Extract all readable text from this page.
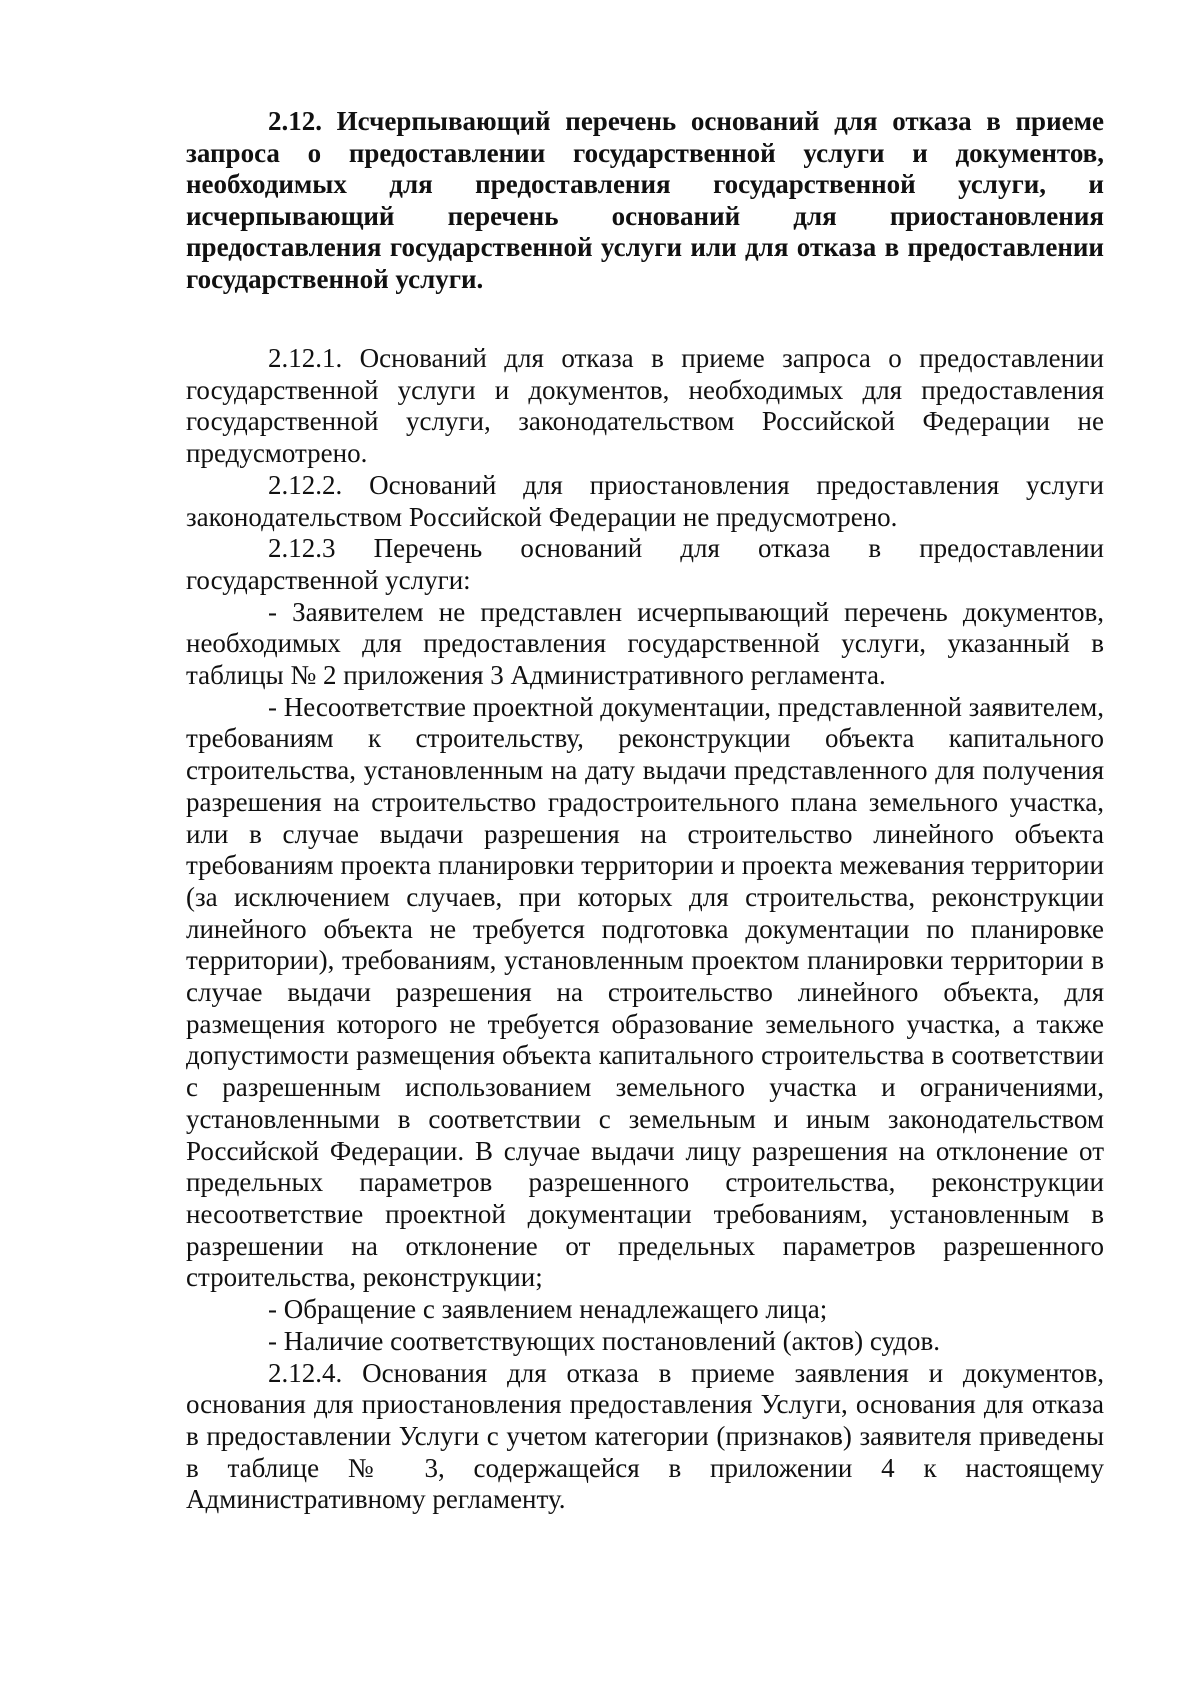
2.12. Исчерпывающий перечень оснований для отказа в приеме запроса о предоставлении государственной услуги и документов, необходимых для предоставления государственной услуги, и исчерпывающий перечень оснований для приостановления предоставления государственной услуги или для отказа в предоставлении государственной услуги.

2.12.1. Оснований для отказа в приеме запроса о предоставлении государственной услуги и документов, необходимых для предоставления государственной услуги, законодательством Российской Федерации не предусмотрено.

2.12.2. Оснований для приостановления предоставления услуги законодательством Российской Федерации не предусмотрено.

2.12.3 Перечень оснований для отказа в предоставлении государственной услуги:

- Заявителем не представлен исчерпывающий перечень документов, необходимых для предоставления государственной услуги, указанный в таблицы № 2 приложения 3 Административного регламента.

- Несоответствие проектной документации, представленной заявителем, требованиям к строительству, реконструкции объекта капитального строительства, установленным на дату выдачи представленного для получения разрешения на строительство градостроительного плана земельного участка, или в случае выдачи разрешения на строительство линейного объекта требованиям проекта планировки территории и проекта межевания территории (за исключением случаев, при которых для строительства, реконструкции линейного объекта не требуется подготовка документации по планировке территории), требованиям, установленным проектом планировки территории в случае выдачи разрешения на строительство линейного объекта, для размещения которого не требуется образование земельного участка, а также допустимости размещения объекта капитального строительства в соответствии с разрешенным использованием земельного участка и ограничениями, установленными в соответствии с земельным и иным законодательством Российской Федерации. В случае выдачи лицу разрешения на отклонение от предельных параметров разрешенного строительства, реконструкции несоответствие проектной документации требованиям, установленным в разрешении на отклонение от предельных параметров разрешенного строительства, реконструкции;

- Обращение с заявлением ненадлежащего лица;

- Наличие соответствующих постановлений (актов) судов.

2.12.4. Основания для отказа в приеме заявления и документов, основания для приостановления предоставления Услуги, основания для отказа в предоставлении Услуги с учетом категории (признаков) заявителя приведены в таблице № 3, содержащейся в приложении 4 к настоящему Административному регламенту.
